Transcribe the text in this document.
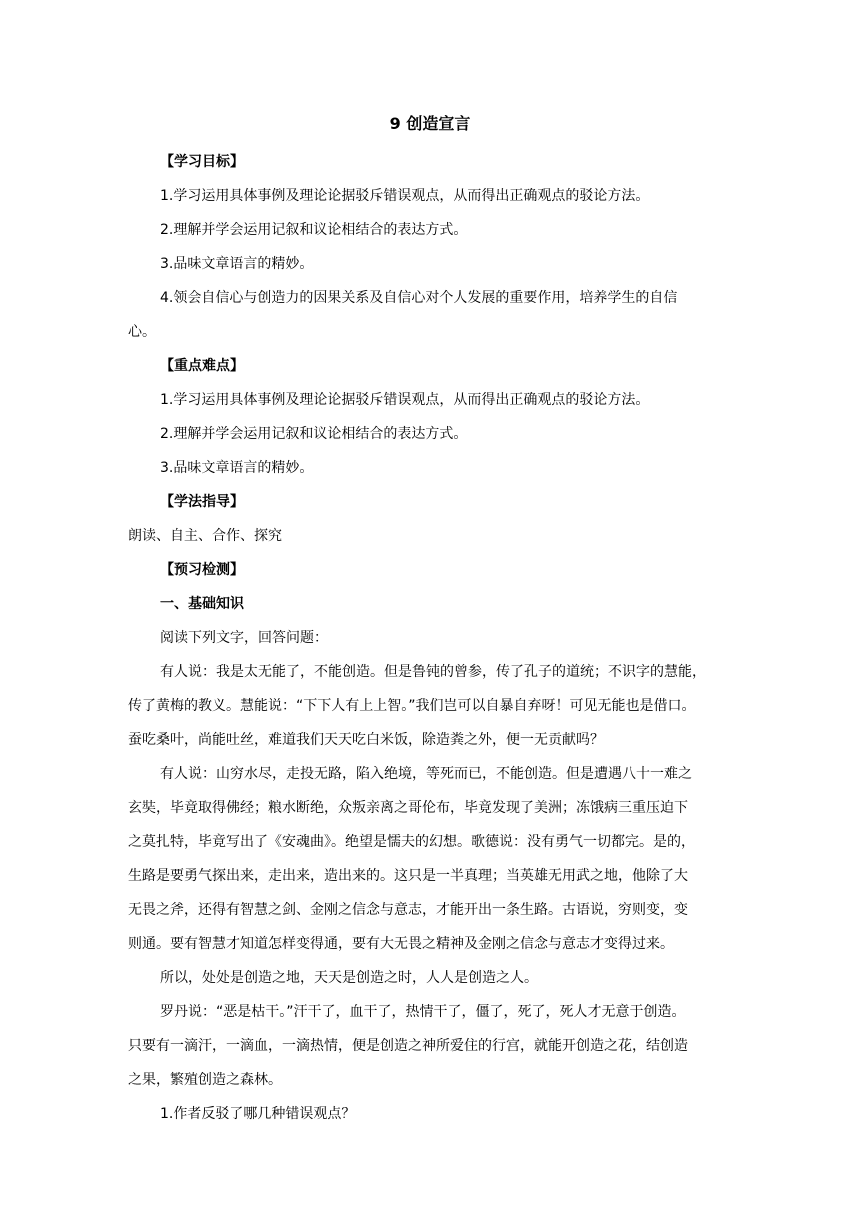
9 创造宣言

【学习目标】

1.学习运用具体事例及理论论据驳斥错误观点，从而得出正确观点的驳论方法。

2.理解并学会运用记叙和议论相结合的表达方式。

3.品味文章语言的精妙。

4.领会自信心与创造力的因果关系及自信心对个人发展的重要作用，培养学生的自信

心。

【重点难点】

1.学习运用具体事例及理论论据驳斥错误观点，从而得出正确观点的驳论方法。

2.理解并学会运用记叙和议论相结合的表达方式。

3.品味文章语言的精妙。

【学法指导】

朗读、自主、合作、探究

【预习检测】

一、基础知识

阅读下列文字，回答问题：

有人说：我是太无能了，不能创造。但是鲁钝的曾参，传了孔子的道统；不识字的慧能，

传了黄梅的教义。慧能说：“下下人有上上智。”我们岂可以自暴自弃呀！可见无能也是借口。

蚕吃桑叶，尚能吐丝，难道我们天天吃白米饭，除造粪之外，便一无贡献吗？

有人说：山穷水尽，走投无路，陷入绝境，等死而已，不能创造。但是遭遇八十一难之

玄奘，毕竟取得佛经；粮水断绝，众叛亲离之哥伦布，毕竟发现了美洲；冻饿病三重压迫下

之莫扎特，毕竟写出了《安魂曲》。绝望是懦夫的幻想。歌德说：没有勇气一切都完。是的，

生路是要勇气探出来，走出来，造出来的。这只是一半真理；当英雄无用武之地，他除了大

无畏之斧，还得有智慧之剑、金刚之信念与意志，才能开出一条生路。古语说，穷则变，变

则通。要有智慧才知道怎样变得通，要有大无畏之精神及金刚之信念与意志才变得过来。

所以，处处是创造之地，天天是创造之时，人人是创造之人。

罗丹说：“恶是枯干。”汗干了，血干了，热情干了，僵了，死了，死人才无意于创造。

只要有一滴汗，一滴血，一滴热情，便是创造之神所爱住的行宫，就能开创造之花，结创造

之果，繁殖创造之森林。

1.作者反驳了哪几种错误观点？
